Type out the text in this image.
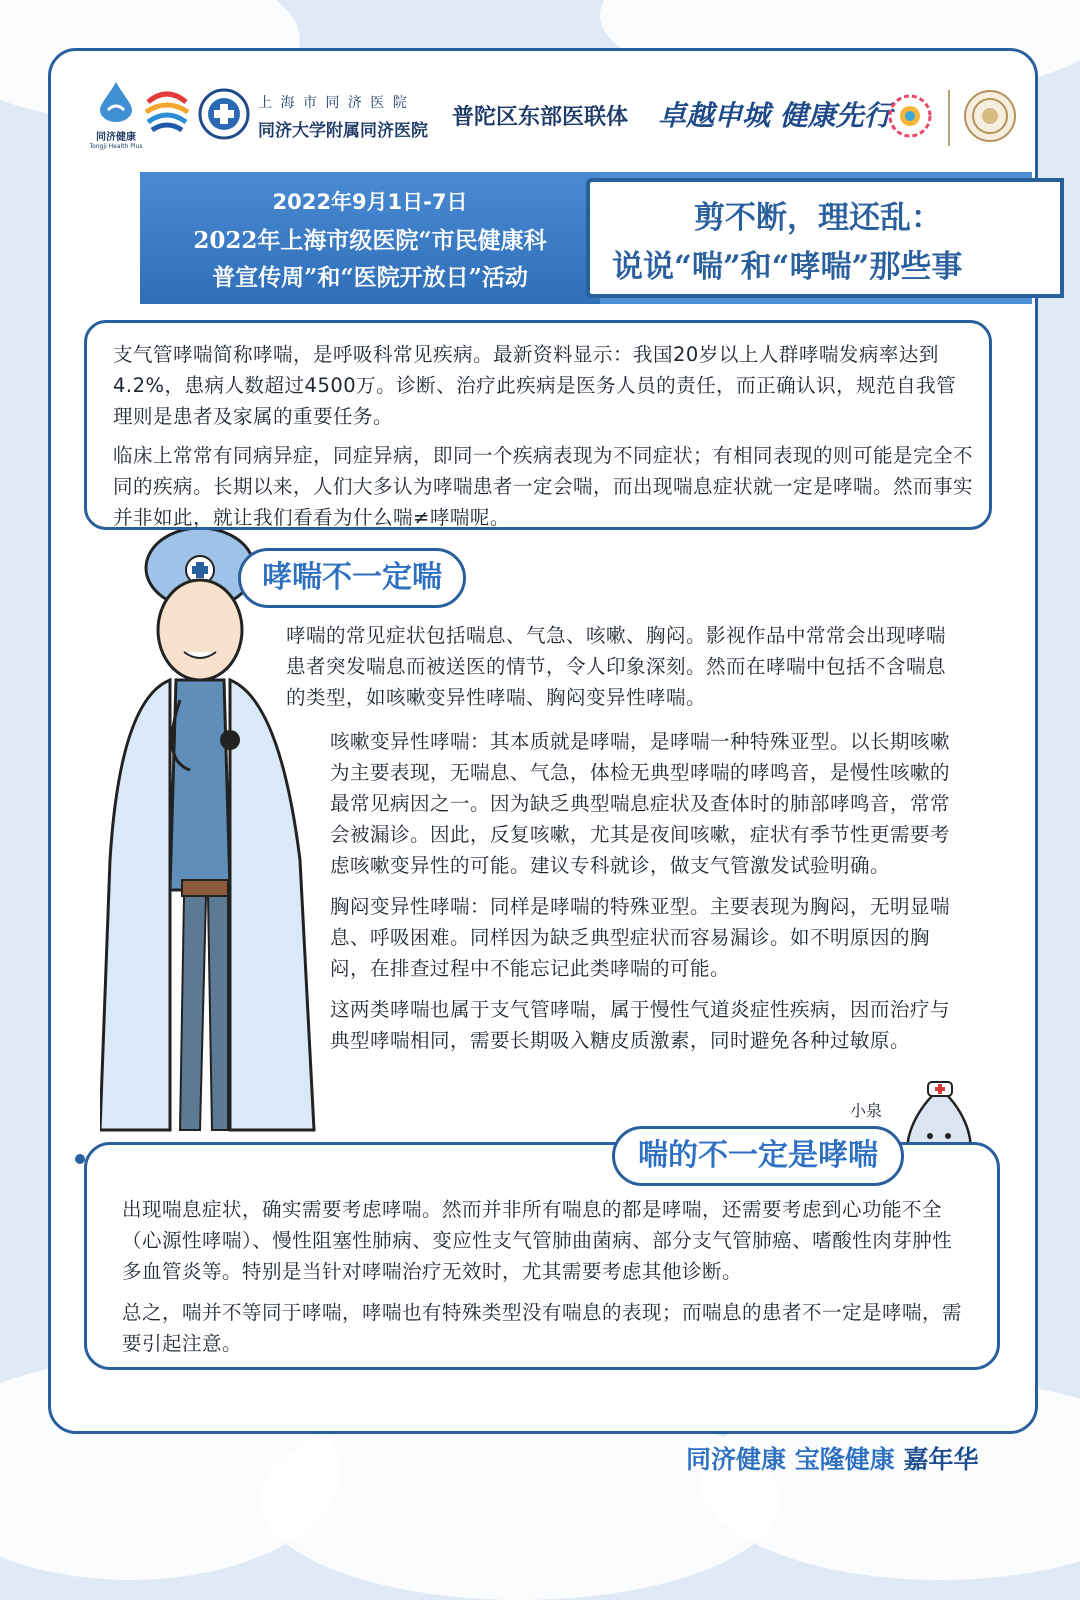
同济健康
Tongji Health Plus
上 海 市 同 济 医 院
同济大学附属同济医院
普陀区东部医联体 卓越申城 健康先行
2022年9月1日-7日
2022年上海市级医院“市民健康科
普宣传周”和“医院开放日”活动
剪不断，理还乱：
说说“喘”和“哮喘”那些事

支气管哮喘简称哮喘，是呼吸科常见疾病。最新资料显示：我国20岁以上人群哮喘发病率达到4.2%，患病人数超过4500万。诊断、治疗此疾病是医务人员的责任，而正确认识，规范自我管理则是患者及家属的重要任务。

临床上常常有同病异症，同症异病，即同一个疾病表现为不同症状；有相同表现的则可能是完全不同的疾病。长期以来，人们大多认为哮喘患者一定会喘，而出现喘息症状就一定是哮喘。然而事实并非如此，就让我们看看为什么喘≠哮喘呢。

哮喘不一定喘

哮喘的常见症状包括喘息、气急、咳嗽、胸闷。影视作品中常常会出现哮喘患者突发喘息而被送医的情节，令人印象深刻。然而在哮喘中包括不含喘息的类型，如咳嗽变异性哮喘、胸闷变异性哮喘。

咳嗽变异性哮喘：其本质就是哮喘，是哮喘一种特殊亚型。以长期咳嗽为主要表现，无喘息、气急，体检无典型哮喘的哮鸣音，是慢性咳嗽的最常见病因之一。因为缺乏典型喘息症状及查体时的肺部哮鸣音，常常会被漏诊。因此，反复咳嗽，尤其是夜间咳嗽，症状有季节性更需要考虑咳嗽变异性的可能。建议专科就诊，做支气管激发试验明确。

胸闷变异性哮喘：同样是哮喘的特殊亚型。主要表现为胸闷，无明显喘息、呼吸困难。同样因为缺乏典型症状而容易漏诊。如不明原因的胸闷，在排查过程中不能忘记此类哮喘的可能。

这两类哮喘也属于支气管哮喘，属于慢性气道炎症性疾病，因而治疗与典型哮喘相同，需要长期吸入糖皮质激素，同时避免各种过敏原。

小泉
喘的不一定是哮喘

出现喘息症状，确实需要考虑哮喘。然而并非所有喘息的都是哮喘，还需要考虑到心功能不全（心源性哮喘）、慢性阻塞性肺病、变应性支气管肺曲菌病、部分支气管肺癌、嗜酸性肉芽肿性多血管炎等。特别是当针对哮喘治疗无效时，尤其需要考虑其他诊断。

总之，喘并不等同于哮喘，哮喘也有特殊类型没有喘息的表现；而喘息的患者不一定是哮喘，需要引起注意。

同济健康 宝隆健康 嘉年华
